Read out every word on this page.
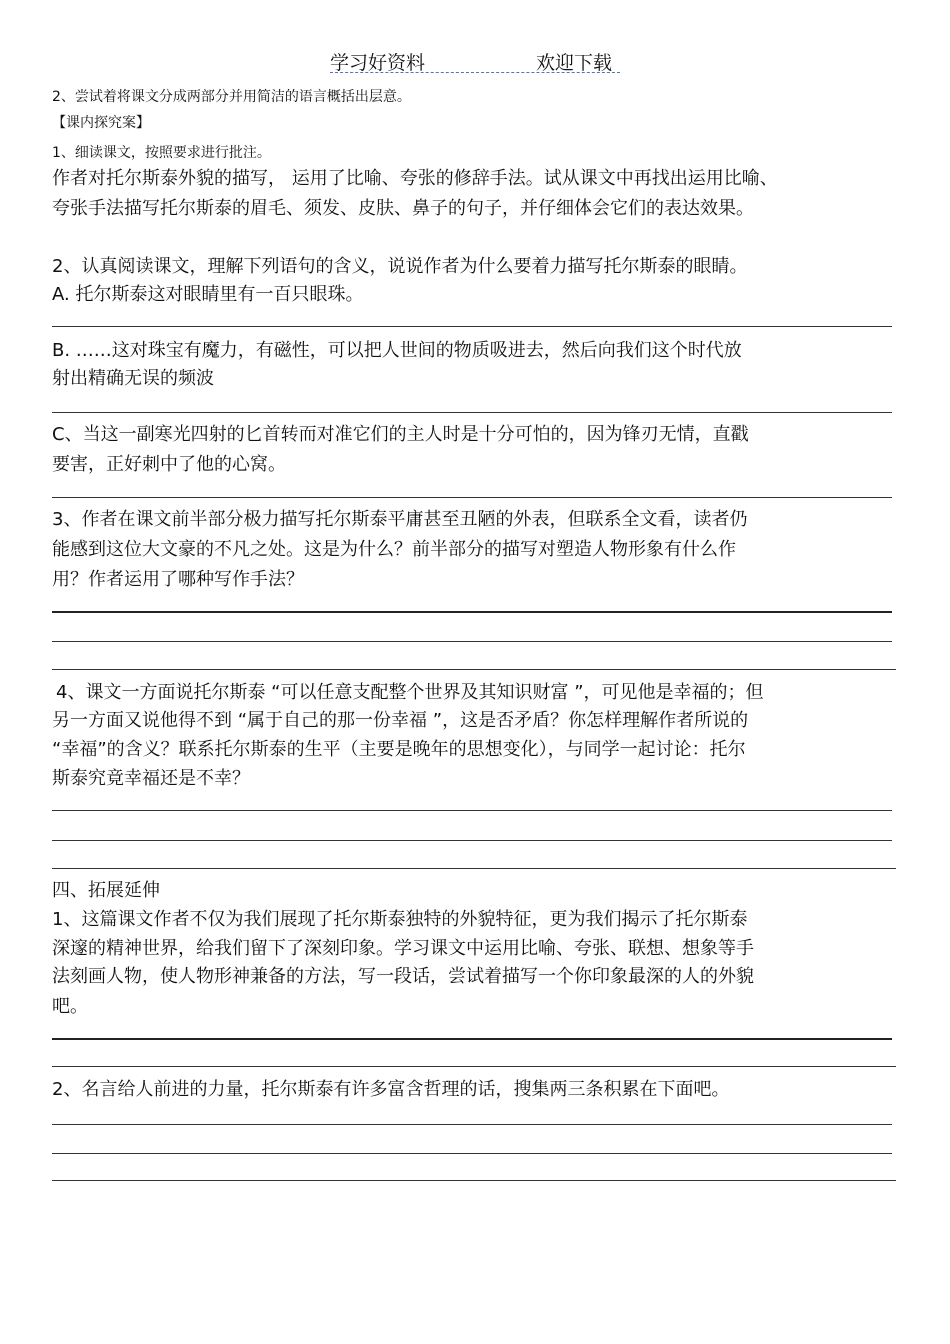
学习好资料	欢迎下载
2、尝试着将课文分成两部分并用简洁的语言概括出层意。
【课内探究案】
1、细读课文，按照要求进行批注。
作者对托尔斯泰外貌的描写， 运用了比喻、夸张的修辞手法。试从课文中再找出运用比喻、
夸张手法描写托尔斯泰的眉毛、须发、皮肤、鼻子的句子，并仔细体会它们的表达效果。
2、认真阅读课文，理解下列语句的含义，说说作者为什么要着力描写托尔斯泰的眼睛。
A. 托尔斯泰这对眼睛里有一百只眼珠。
B. ……这对珠宝有魔力，有磁性，可以把人世间的物质吸进去，然后向我们这个时代放
射出精确无误的频波
C、当这一副寒光四射的匕首转而对准它们的主人时是十分可怕的，因为锋刃无情，直戳
要害，正好刺中了他的心窝。
3、作者在课文前半部分极力描写托尔斯泰平庸甚至丑陋的外表，但联系全文看，读者仍
能感到这位大文豪的不凡之处。这是为什么？前半部分的描写对塑造人物形象有什么作
用？作者运用了哪种写作手法？
4、课文一方面说托尔斯泰 “可以任意支配整个世界及其知识财富 ”，可见他是幸福的；但
另一方面又说他得不到 “属于自己的那一份幸福 ”，这是否矛盾？你怎样理解作者所说的
“幸福”的含义？联系托尔斯泰的生平（主要是晚年的思想变化），与同学一起讨论：托尔
斯泰究竟幸福还是不幸？
四、拓展延伸
1、这篇课文作者不仅为我们展现了托尔斯泰独特的外貌特征，更为我们揭示了托尔斯泰
深邃的精神世界，给我们留下了深刻印象。学习课文中运用比喻、夸张、联想、想象等手
法刻画人物，使人物形神兼备的方法，写一段话，尝试着描写一个你印象最深的人的外貌
吧。
2、名言给人前进的力量，托尔斯泰有许多富含哲理的话，搜集两三条积累在下面吧。
